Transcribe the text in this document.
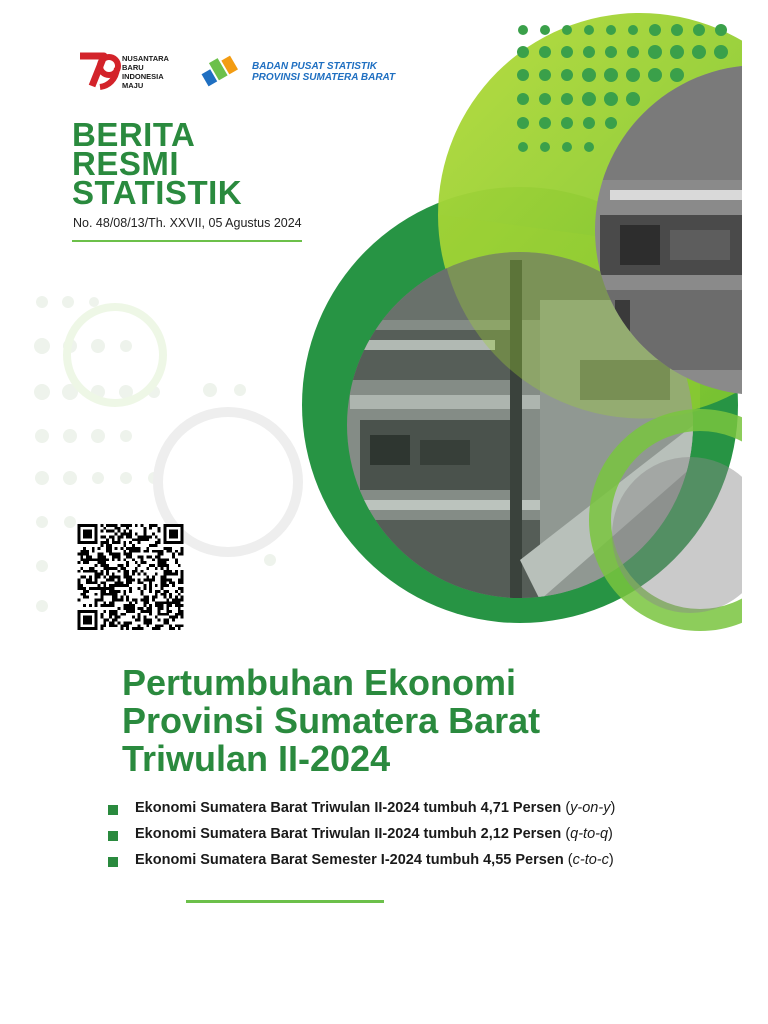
NUSANTARA
BARU
INDONESIA
MAJU
BADAN PUSAT STATISTIK
PROVINSI SUMATERA BARAT
BERITA
RESMI
STATISTIK
No. 48/08/13/Th. XXVII, 05 Agustus 2024
Pertumbuhan Ekonomi
Provinsi Sumatera Barat
Triwulan II-2024
Ekonomi Sumatera Barat Triwulan II-2024 tumbuh 4,71 Persen (y-on-y)
Ekonomi Sumatera Barat Triwulan II-2024 tumbuh 2,12 Persen (q-to-q)
Ekonomi Sumatera Barat Semester I-2024 tumbuh 4,55 Persen (c-to-c)
